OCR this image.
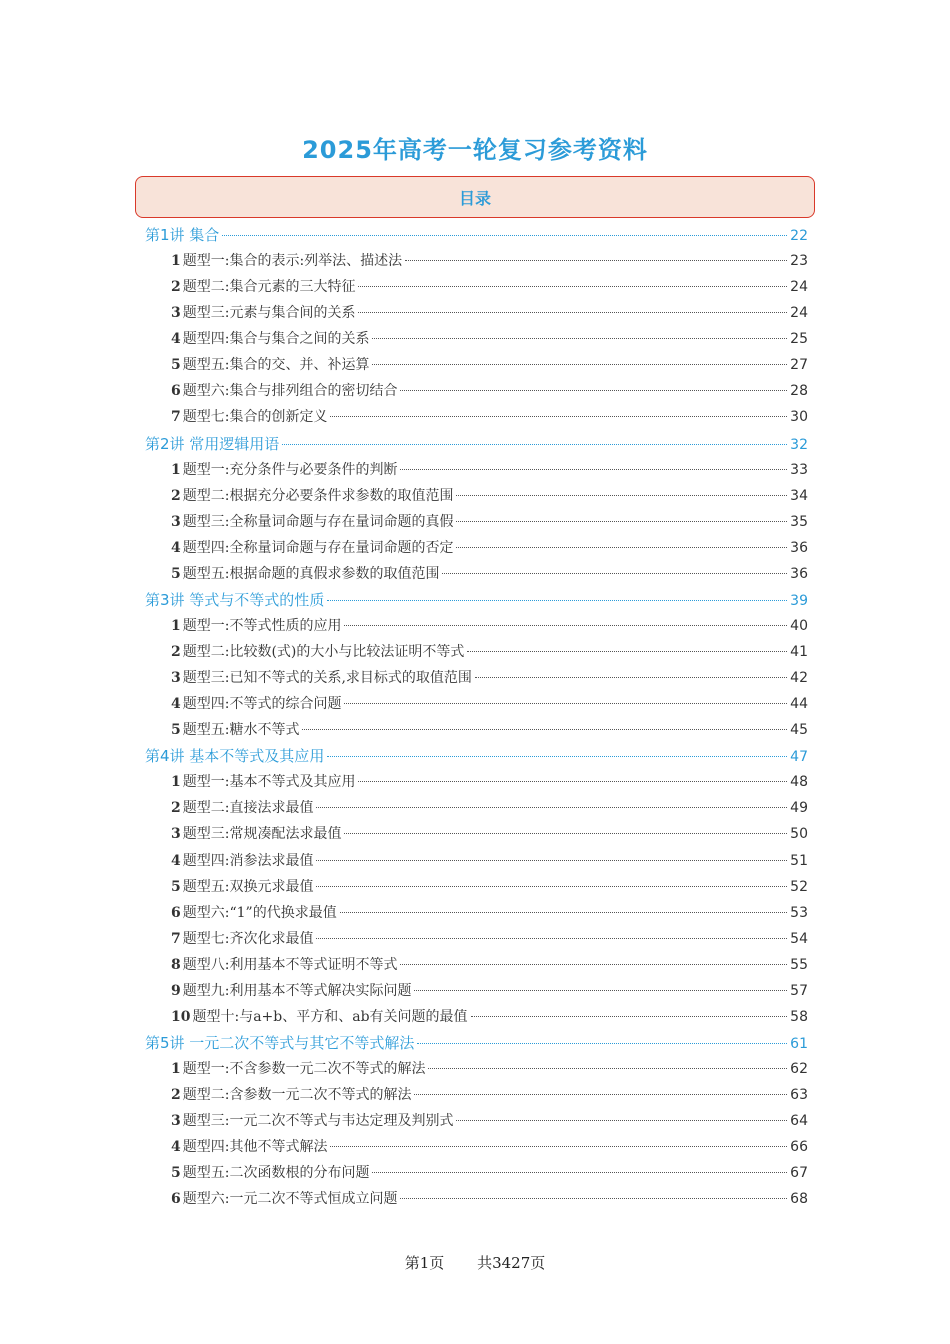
2025年高考一轮复习参考资料
目录
第1讲 集合	22
1 题型一:集合的表示:列举法、描述法	23
2 题型二:集合元素的三大特征	24
3 题型三:元素与集合间的关系	24
4 题型四:集合与集合之间的关系	25
5 题型五:集合的交、并、补运算	27
6 题型六:集合与排列组合的密切结合	28
7 题型七:集合的创新定义	30
第2讲 常用逻辑用语	32
1 题型一:充分条件与必要条件的判断	33
2 题型二:根据充分必要条件求参数的取值范围	34
3 题型三:全称量词命题与存在量词命题的真假	35
4 题型四:全称量词命题与存在量词命题的否定	36
5 题型五:根据命题的真假求参数的取值范围	36
第3讲 等式与不等式的性质	39
1 题型一:不等式性质的应用	40
2 题型二:比较数(式)的大小与比较法证明不等式	41
3 题型三:已知不等式的关系,求目标式的取值范围	42
4 题型四:不等式的综合问题	44
5 题型五:糖水不等式	45
第4讲 基本不等式及其应用	47
1 题型一:基本不等式及其应用	48
2 题型二:直接法求最值	49
3 题型三:常规凑配法求最值	50
4 题型四:消参法求最值	51
5 题型五:双换元求最值	52
6 题型六:“1”的代换求最值	53
7 题型七:齐次化求最值	54
8 题型八:利用基本不等式证明不等式	55
9 题型九:利用基本不等式解决实际问题	57
10 题型十:与a+b、平方和、ab有关问题的最值	58
第5讲 一元二次不等式与其它不等式解法	61
1 题型一:不含参数一元二次不等式的解法	62
2 题型二:含参数一元二次不等式的解法	63
3 题型三:一元二次不等式与韦达定理及判别式	64
4 题型四:其他不等式解法	66
5 题型五:二次函数根的分布问题	67
6 题型六:一元二次不等式恒成立问题	68
第1页 共3427页
